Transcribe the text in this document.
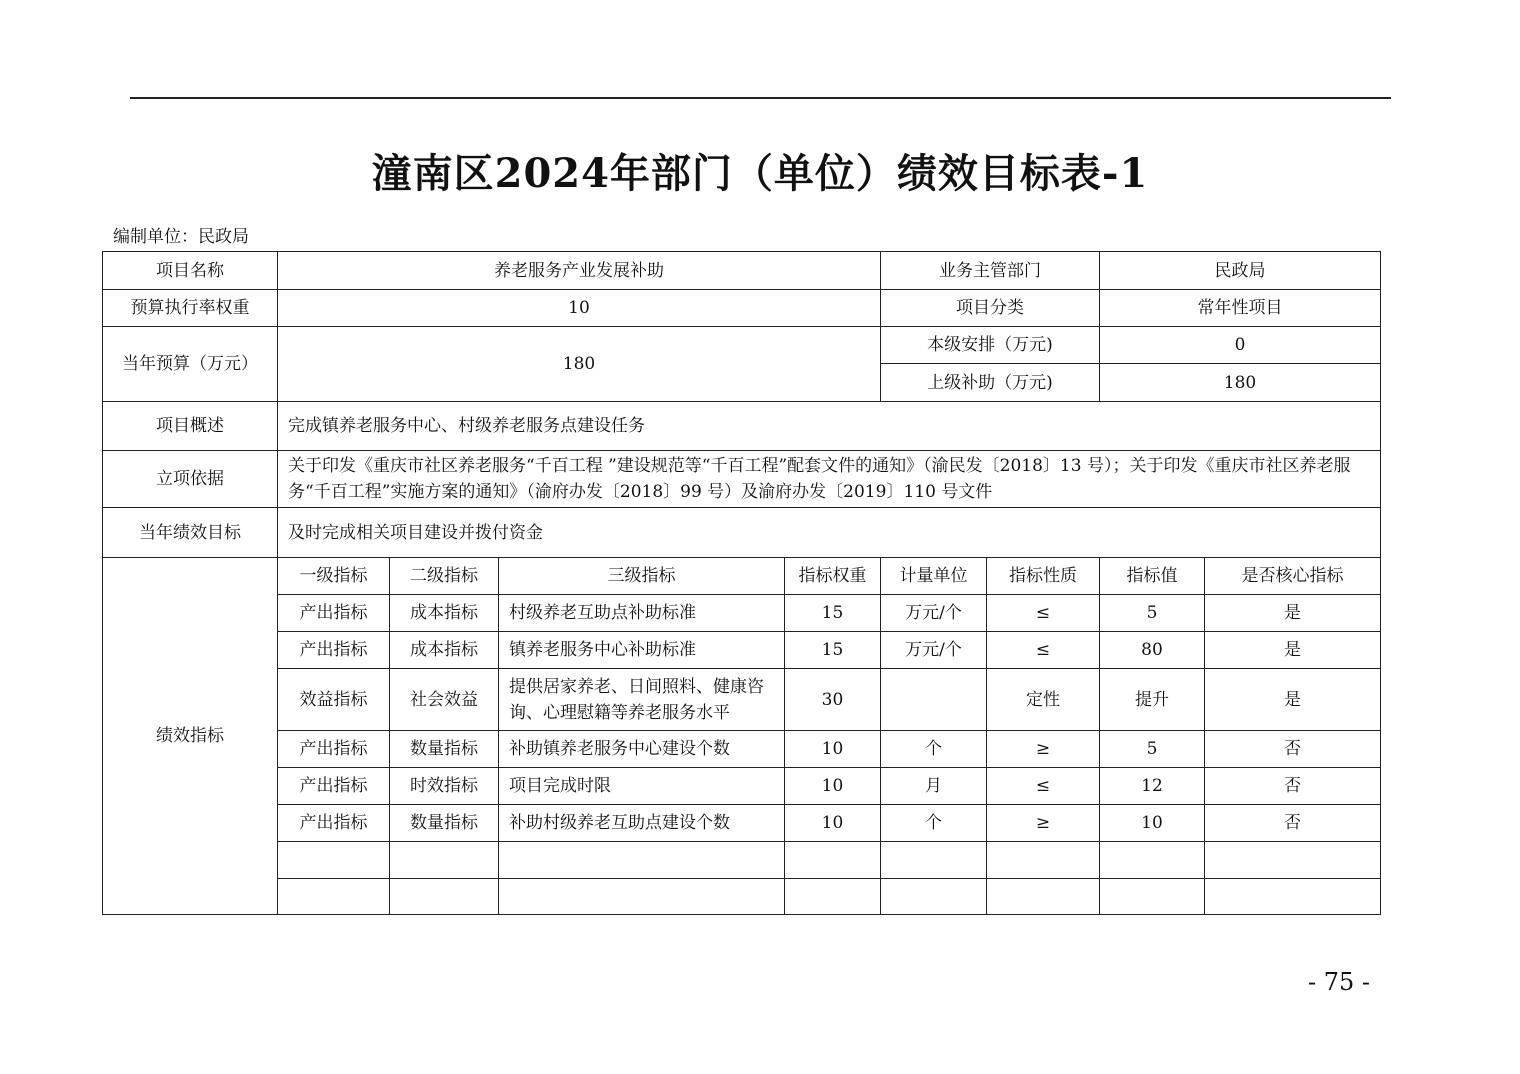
潼南区2024年部门（单位）绩效目标表-1
编制单位：民政局
项目名称	养老服务产业发展补助				业务主管部门		民政局	
预算执行率权重	10				项目分类		常年性项目	
当年预算（万元）	180				本级安排（万元)		0	
					上级补助（万元)		180	
项目概述	完成镇养老服务中心、村级养老服务点建设任务							
立项依据	关于印发《重庆市社区养老服务“千百工程 ”建设规范等“千百工程”配套文件的通知》（渝民发〔2018〕13 号）；关于印发《重庆市社区养老服务“千百工程”实施方案的通知》（渝府办发〔2018〕99 号）及渝府办发〔2019〕110 号文件							
当年绩效目标	及时完成相关项目建设并拨付资金							
绩效指标	一级指标	二级指标	三级指标	指标权重	计量单位	指标性质	指标值	是否核心指标
	产出指标	成本指标	村级养老互助点补助标准	15	万元/个	≤	5	是
	产出指标	成本指标	镇养老服务中心补助标准	15	万元/个	≤	80	是
	效益指标	社会效益	提供居家养老、日间照料、健康咨询、心理慰籍等养老服务水平	30		定性	提升	是
	产出指标	数量指标	补助镇养老服务中心建设个数	10	个	≥	5	否
	产出指标	时效指标	项目完成时限	10	月	≤	12	否
	产出指标	数量指标	补助村级养老互助点建设个数	10	个	≥	10	否

- 75 -
